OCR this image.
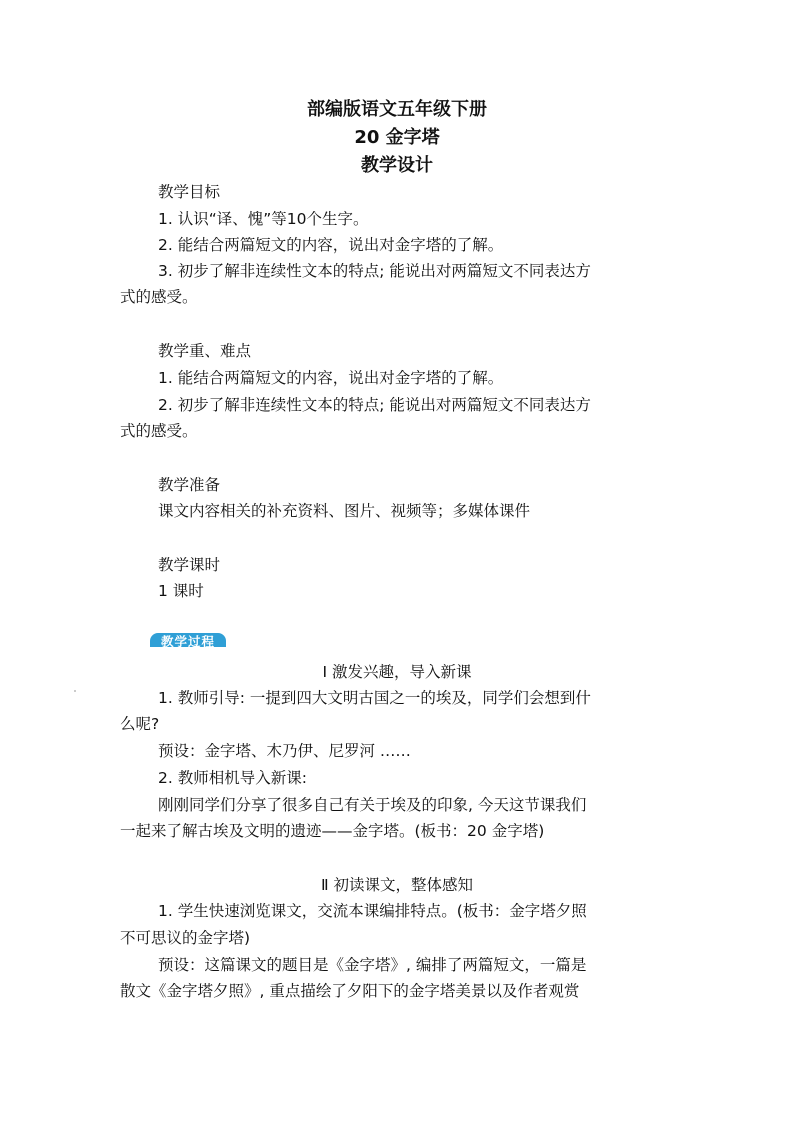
部编版语文五年级下册
20 金字塔
教学设计
教学目标
1. 认识“译、愧”等10个生字。
2. 能结合两篇短文的内容，说出对金字塔的了解。
3. 初步了解非连续性文本的特点; 能说出对两篇短文不同表达方
式的感受。
教学重、难点
1. 能结合两篇短文的内容，说出对金字塔的了解。
2. 初步了解非连续性文本的特点; 能说出对两篇短文不同表达方
式的感受。
教学准备
课文内容相关的补充资料、图片、视频等；多媒体课件
教学课时
1 课时
教学过程
Ⅰ 激发兴趣，导入新课
1. 教师引导: 一提到四大文明古国之一的埃及，同学们会想到什
么呢?
预设：金字塔、木乃伊、尼罗河 ……
2. 教师相机导入新课:
刚刚同学们分享了很多自己有关于埃及的印象, 今天这节课我们
一起来了解古埃及文明的遗迹——金字塔。(板书：20 金字塔)
Ⅱ 初读课文，整体感知
1. 学生快速浏览课文，交流本课编排特点。(板书：金字塔夕照
不可思议的金字塔)
预设：这篇课文的题目是《金字塔》, 编排了两篇短文，一篇是
散文《金字塔夕照》, 重点描绘了夕阳下的金字塔美景以及作者观赏
